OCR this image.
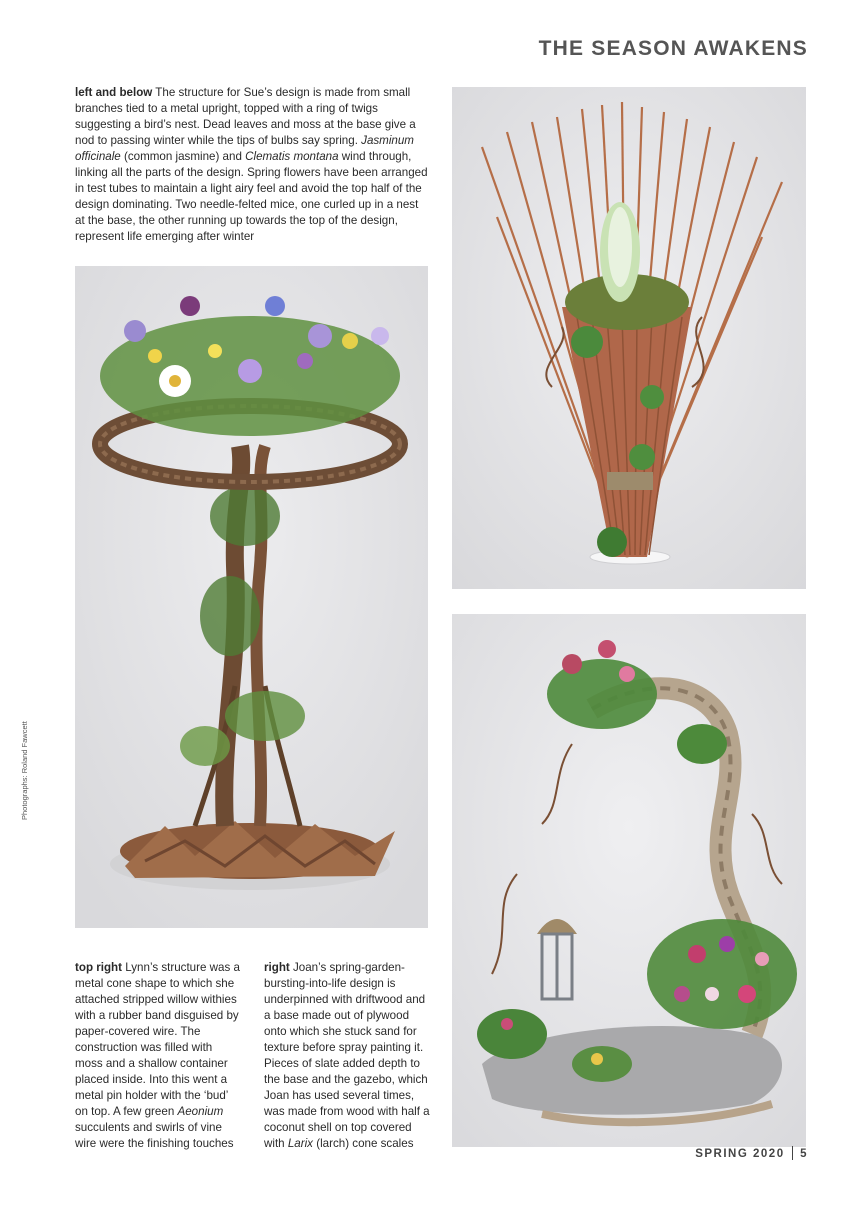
THE SEASON AWAKENS
left and below The structure for Sue’s design is made from small branches tied to a metal upright, topped with a ring of twigs suggesting a bird’s nest. Dead leaves and moss at the base give a nod to passing winter while the tips of bulbs say spring. Jasminum officinale (common jasmine) and Clematis montana wind through, linking all the parts of the design. Spring flowers have been arranged in test tubes to maintain a light airy feel and avoid the top half of the design dominating. Two needle-felted mice, one curled up in a nest at the base, the other running up towards the top of the design, represent life emerging after winter
top right Lynn’s structure was a metal cone shape to which she attached stripped willow withies with a rubber band disguised by paper-covered wire. The construction was filled with moss and a shallow container placed inside. Into this went a metal pin holder with the ‘bud’ on top. A few green Aeonium succulents and swirls of vine wire were the finishing touches
right Joan’s spring-garden-bursting-into-life design is underpinned with driftwood and a base made out of plywood onto which she stuck sand for texture before spray painting it. Pieces of slate added depth to the base and the gazebo, which Joan has used several times, was made from wood with half a coconut shell on top covered with Larix (larch) cone scales
Photographs: Roland Fawcett
SPRING 2020 5
